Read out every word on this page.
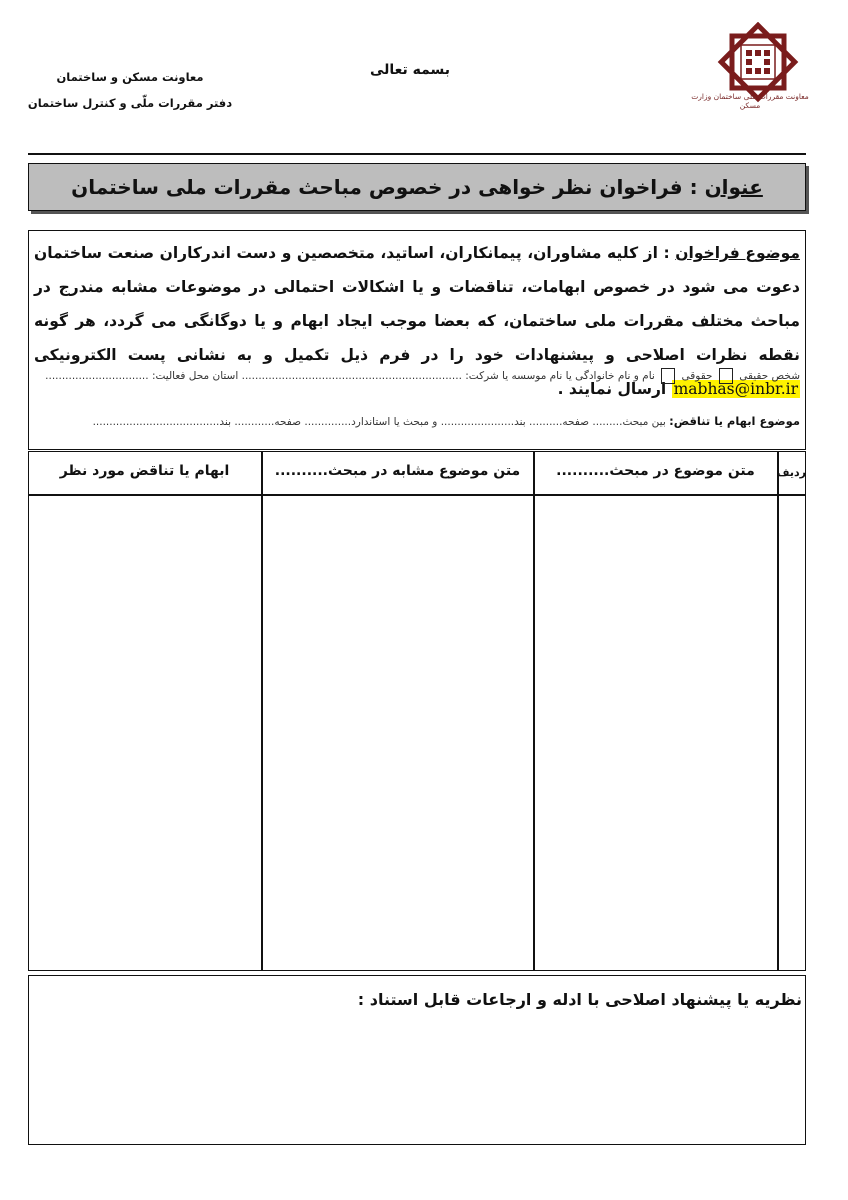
معاونت مقررات ملی ساختمان وزارت مسکن
بسمه تعالی
معاونت مسکن و ساختمان
دفتر مقررات ملّی و کنترل ساختمان
عنوان : فراخوان نظر خواهی در خصوص مباحث مقررات ملی ساختمان
موضوع فراخوان : از کلیه مشاوران، پیمانکاران، اساتید، متخصصین و دست اندرکاران صنعت ساختمان دعوت می شود در خصوص ابهامات، تناقضات و یا اشکالات احتمالی در موضوعات مشابه مندرج در مباحث مختلف مقررات ملی ساختمان، که بعضا موجب ایجاد ابهام و یا دوگانگی می گردد، هر گونه نقطه نظرات اصلاحی و پیشنهادات خود را در فرم ذیل تکمیل و به نشانی پست الکترونیکی mabhas@inbr.ir ارسال نمایند .
شخص حقیقی  حقوقی  نام و نام خانوادگی یا نام موسسه یا شرکت: .................................................................. استان محل فعالیت: ...............................
موضوع ابهام یا تناقض: بین مبحث......... صفحه.......... بند...................... و مبحث یا استاندارد.............. صفحه............ بند......................................
ردیف
متن موضوع در مبحث..........
متن موضوع مشابه در مبحث..........
ابهام یا تناقض مورد نظر
نظریه یا پیشنهاد اصلاحی با ادله و ارجاعات قابل استناد :
